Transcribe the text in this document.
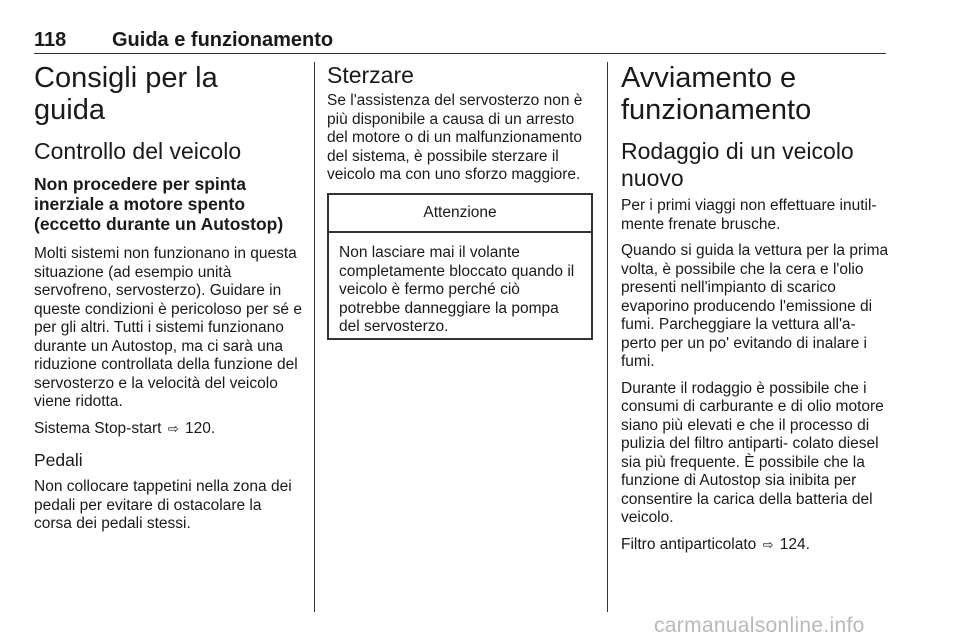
118 Guida e funzionamento
Consigli per la guida
Controllo del veicolo
Non procedere per spinta inerziale a motore spento (eccetto durante un Autostop)

Molti sistemi non funzionano in questa situazione (ad esempio unità servofreno, servosterzo). Guidare in queste condizioni è pericoloso per sé e per gli altri. Tutti i sistemi funzionano durante un Autostop, ma ci sarà una riduzione controllata della funzione del servosterzo e la velocità del veicolo viene ridotta.

Sistema Stop-start ⇨ 120.

Pedali

Non collocare tappetini nella zona dei pedali per evitare di ostacolare la corsa dei pedali stessi.

Sterzare

Se l'assistenza del servosterzo non è più disponibile a causa di un arresto del motore o di un malfunzionamento del sistema, è possibile sterzare il veicolo ma con uno sforzo maggiore.

Attenzione
Non lasciare mai il volante completamente bloccato quando il veicolo è fermo perché ciò potrebbe danneggiare la pompa del servosterzo.
Avviamento e funzionamento
Rodaggio di un veicolo nuovo

Per i primi viaggi non effettuare inutil- mente frenate brusche.

Quando si guida la vettura per la prima volta, è possibile che la cera e l'olio presenti nell'impianto di scarico evaporino producendo l'emissione di fumi. Parcheggiare la vettura all'a- perto per un po' evitando di inalare i fumi.

Durante il rodaggio è possibile che i consumi di carburante e di olio motore siano più elevati e che il processo di pulizia del filtro antiparti- colato diesel sia più frequente. È possibile che la funzione di Autostop sia inibita per consentire la carica della batteria del veicolo.

Filtro antiparticolato ⇨ 124.

carmanualsonline.info
